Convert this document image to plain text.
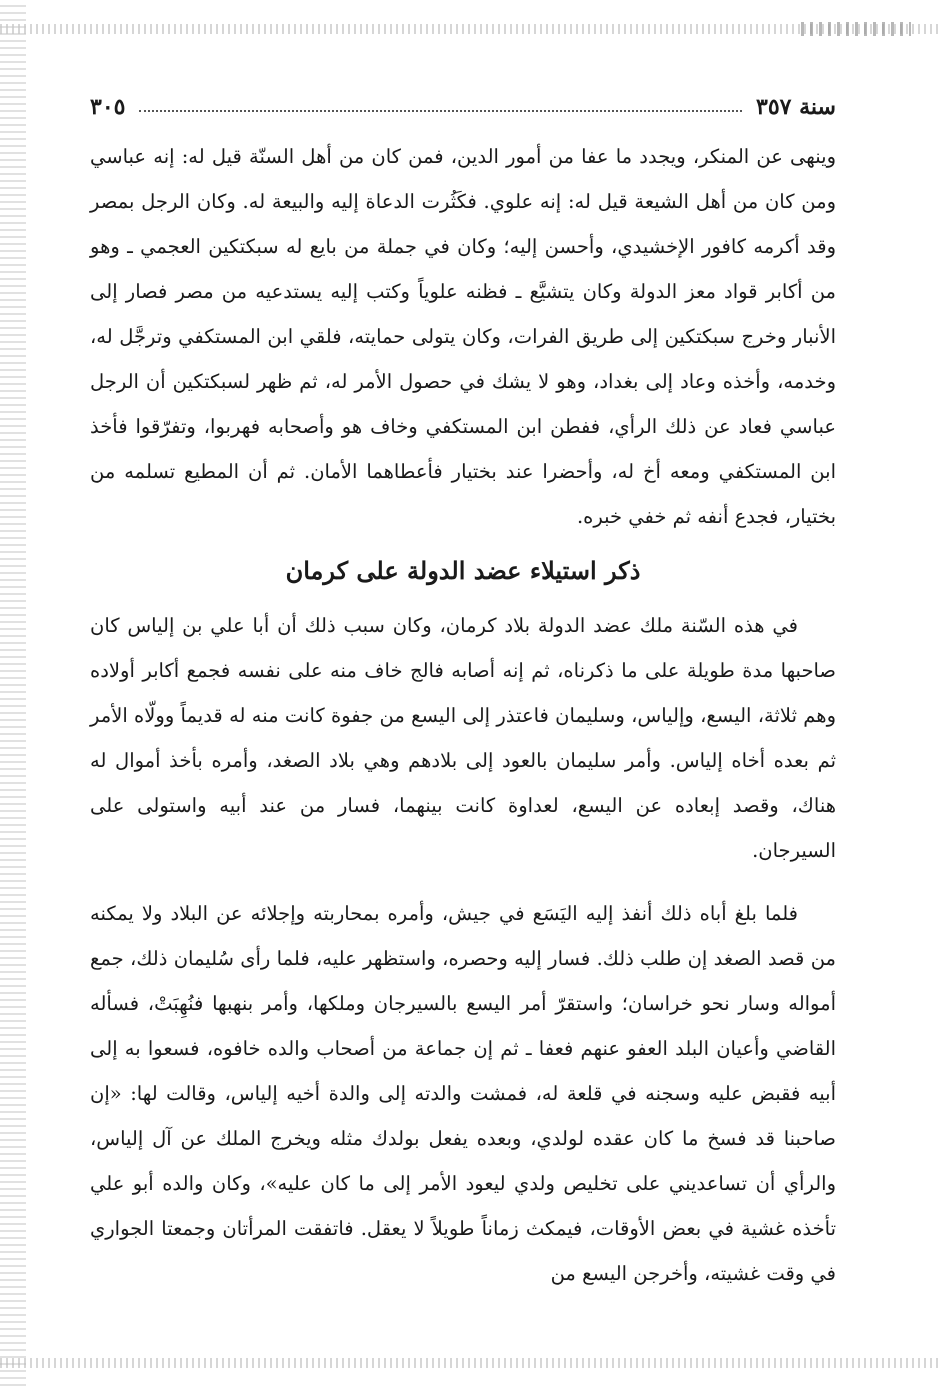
سنة ٣٥٧
٣٠٥

وينهى عن المنكر، ويجدد ما عفا من أمور الدين، فمن كان من أهل السنّة قيل له: إنه عباسي ومن كان من أهل الشيعة قيل له: إنه علوي. فكَثُرت الدعاة إليه والبيعة له. وكان الرجل بمصر وقد أكرمه كافور الإخشيدي، وأحسن إليه؛ وكان في جملة من بايع له سبكتكين العجمي ـ وهو من أكابر قواد معز الدولة وكان يتشيَّع ـ فظنه علوياً وكتب إليه يستدعيه من مصر فصار إلى الأنبار وخرج سبكتكين إلى طريق الفرات، وكان يتولى حمايته، فلقي ابن المستكفي وترجَّل له، وخدمه، وأخذه وعاد إلى بغداد، وهو لا يشك في حصول الأمر له، ثم ظهر لسبكتكين أن الرجل عباسي فعاد عن ذلك الرأي، ففطن ابن المستكفي وخاف هو وأصحابه فهربوا، وتفرّقوا فأخذ ابن المستكفي ومعه أخ له، وأحضرا عند بختيار فأعطاهما الأمان. ثم أن المطيع تسلمه من بختيار، فجدع أنفه ثم خفي خبره.

ذكر استيلاء عضد الدولة على كرمان

في هذه السّنة ملك عضد الدولة بلاد كرمان، وكان سبب ذلك أن أبا علي بن إلياس كان صاحبها مدة طويلة على ما ذكرناه، ثم إنه أصابه فالج خاف منه على نفسه فجمع أكابر أولاده وهم ثلاثة، اليسع، وإلياس، وسليمان فاعتذر إلى اليسع من جفوة كانت منه له قديماً وولّاه الأمر ثم بعده أخاه إلياس. وأمر سليمان بالعود إلى بلادهم وهي بلاد الصغد، وأمره بأخذ أموال له هناك، وقصد إبعاده عن اليسع، لعداوة كانت بينهما، فسار من عند أبيه واستولى على السيرجان.

فلما بلغ أباه ذلك أنفذ إليه اليَسَع في جيش، وأمره بمحاربته وإجلائه عن البلاد ولا يمكنه من قصد الصغد إن طلب ذلك. فسار إليه وحصره، واستظهر عليه، فلما رأى سُليمان ذلك، جمع أمواله وسار نحو خراسان؛ واستقرّ أمر اليسع بالسيرجان وملكها، وأمر بنهبها فنُهِبَتْ، فسأله القاضي وأعيان البلد العفو عنهم فعفا ـ ثم إن جماعة من أصحاب والده خافوه، فسعوا به إلى أبيه فقبض عليه وسجنه في قلعة له، فمشت والدته إلى والدة أخيه إلياس، وقالت لها: «إن صاحبنا قد فسخ ما كان عقده لولدي، وبعده يفعل بولدك مثله ويخرج الملك عن آل إلياس، والرأي أن تساعديني على تخليص ولدي ليعود الأمر إلى ما كان عليه»، وكان والده أبو علي تأخذه غشية في بعض الأوقات، فيمكث زماناً طويلاً لا يعقل. فاتفقت المرأتان وجمعتا الجواري في وقت غشيته، وأخرجن اليسع من
